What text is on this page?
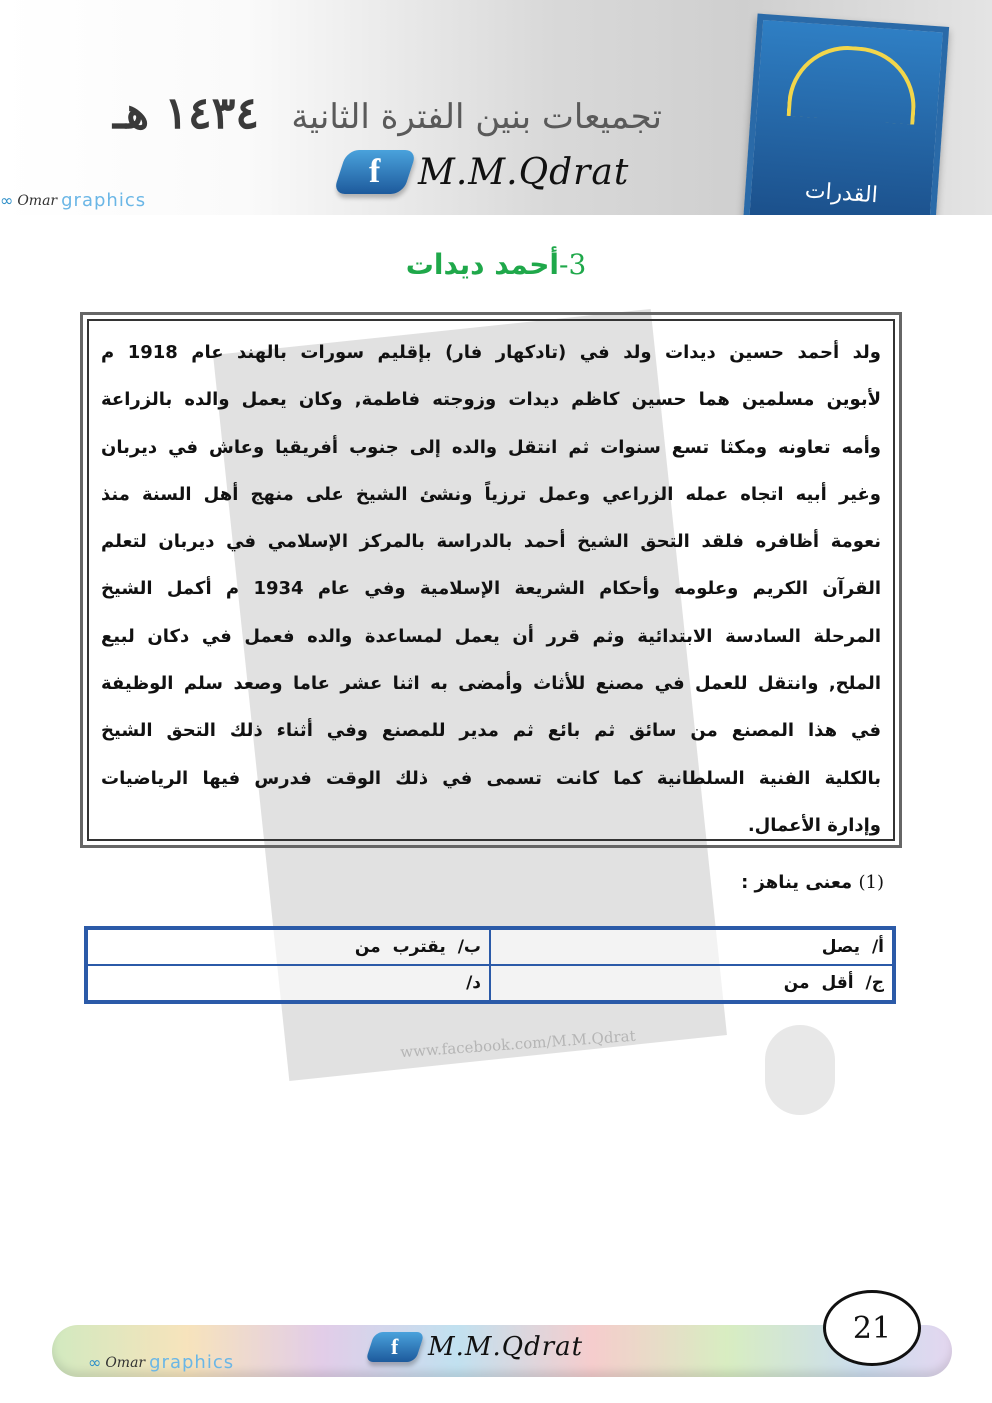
تجميعات بنين الفترة الثانية   ١٤٣٤ هـ
f M.M.Qdrat
∞ Omar graphics	القدرات
www.facebook.com/M.M.Qdrat
3-أحمد ديدات
ولد أحمد حسين ديدات ولد في (تادكهار فار) بإقليم سورات بالهند عام 1918 م
لأبوين مسلمين هما حسين كاظم ديدات وزوجته فاطمة, وكان يعمل والده بالزراعة
وأمه تعاونه ومكثا تسع سنوات ثم انتقل والده إلى جنوب أفريقيا وعاش في ديربان
وغير أبيه اتجاه عمله الزراعي وعمل ترزياً ونشئ الشيخ على منهج أهل السنة منذ
نعومة أظافره فلقد التحق الشيخ أحمد بالدراسة بالمركز الإسلامي في ديربان لتعلم
القرآن الكريم وعلومه وأحكام الشريعة الإسلامية وفي عام 1934 م أكمل الشيخ
المرحلة السادسة الابتدائية وثم قرر أن يعمل لمساعدة والده فعمل في دكان لبيع
الملح, وانتقل للعمل في مصنع للأثاث وأمضى به اثنا عشر عاما وصعد سلم الوظيفة
في هذا المصنع من سائق ثم بائع ثم مدير للمصنع وفي أثناء ذلك التحق الشيخ
بالكلية الفنية السلطانية كما كانت تسمى في ذلك الوقت فدرس فيها الرياضيات
وإدارة الأعمال.
(1) معنى يناهز :
أ/ يصل
ب/ يقترب من
ج/ أقل من
د/
f M.M.Qdrat
∞ Omar graphics
21
